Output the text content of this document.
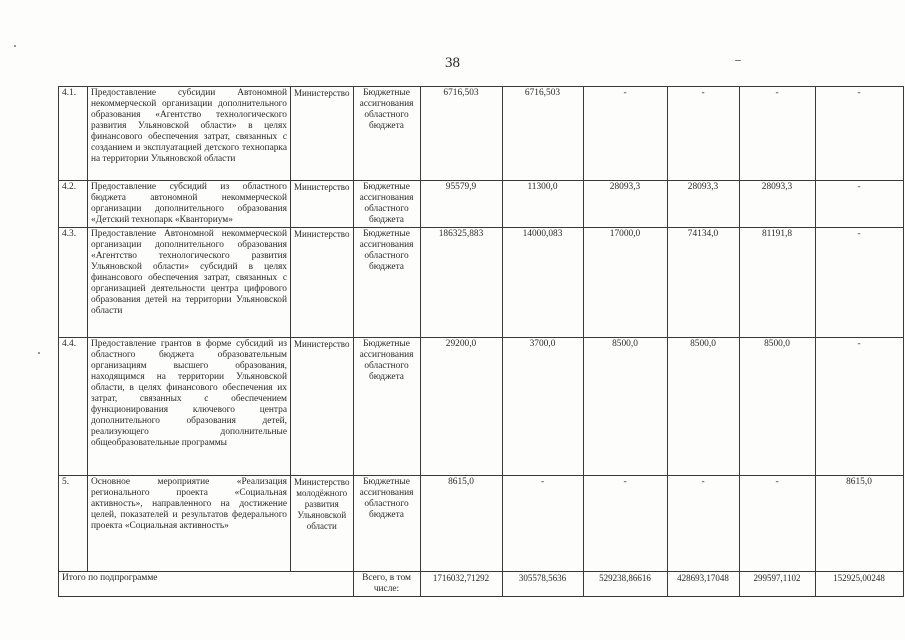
38
4.1.	Предоставление субсидии Автономной некоммерческой организации дополнительного образования «Агентство технологического развития Ульяновской области» в целях финансового обеспечения затрат, связанных с созданием и эксплуатацией детского технопарка на территории Ульяновской области	Министерство	Бюджетные ассигнования областного бюджета	6716,503	6716,503	-	-	-	-
4.2.	Предоставление субсидий из областного бюджета автономной некоммерческой организации дополнительного образования «Детский технопарк «Кванториум»	Министерство	Бюджетные ассигнования областного бюджета	95579,9	11300,0	28093,3	28093,3	28093,3	-
4.3.	Предоставление Автономной некоммерческой организации дополнительного образования «Агентство технологического развития Ульяновской области» субсидий в целях финансового обеспечения затрат, связанных с организацией деятельности центра цифрового образования детей на территории Ульяновской области	Министерство	Бюджетные ассигнования областного бюджета	186325,883	14000,083	17000,0	74134,0	81191,8	-
4.4.	Предоставление грантов в форме субсидий из областного бюджета образовательным организациям высшего образования, находящимся на территории Ульяновской области, в целях финансового обеспечения их затрат, связанных с обеспечением функционирования ключевого центра дополнительного образования детей, реализующего дополнительные общеобразовательные программы	Министерство	Бюджетные ассигнования областного бюджета	29200,0	3700,0	8500,0	8500,0	8500,0	-
5.	Основное мероприятие «Реализация регионального проекта «Социальная активность», направленного на достижение целей, показателей и результатов федерального проекта «Социальная активность»	Министерство молодёжного развития Ульяновской области	Бюджетные ассигнования областного бюджета	8615,0	-	-	-	-	8615,0
Итого по подпрограмме			Всего, в том числе:	1716032,71292	305578,5636	529238,86616	428693,17048	299597,1102	152925,00248
